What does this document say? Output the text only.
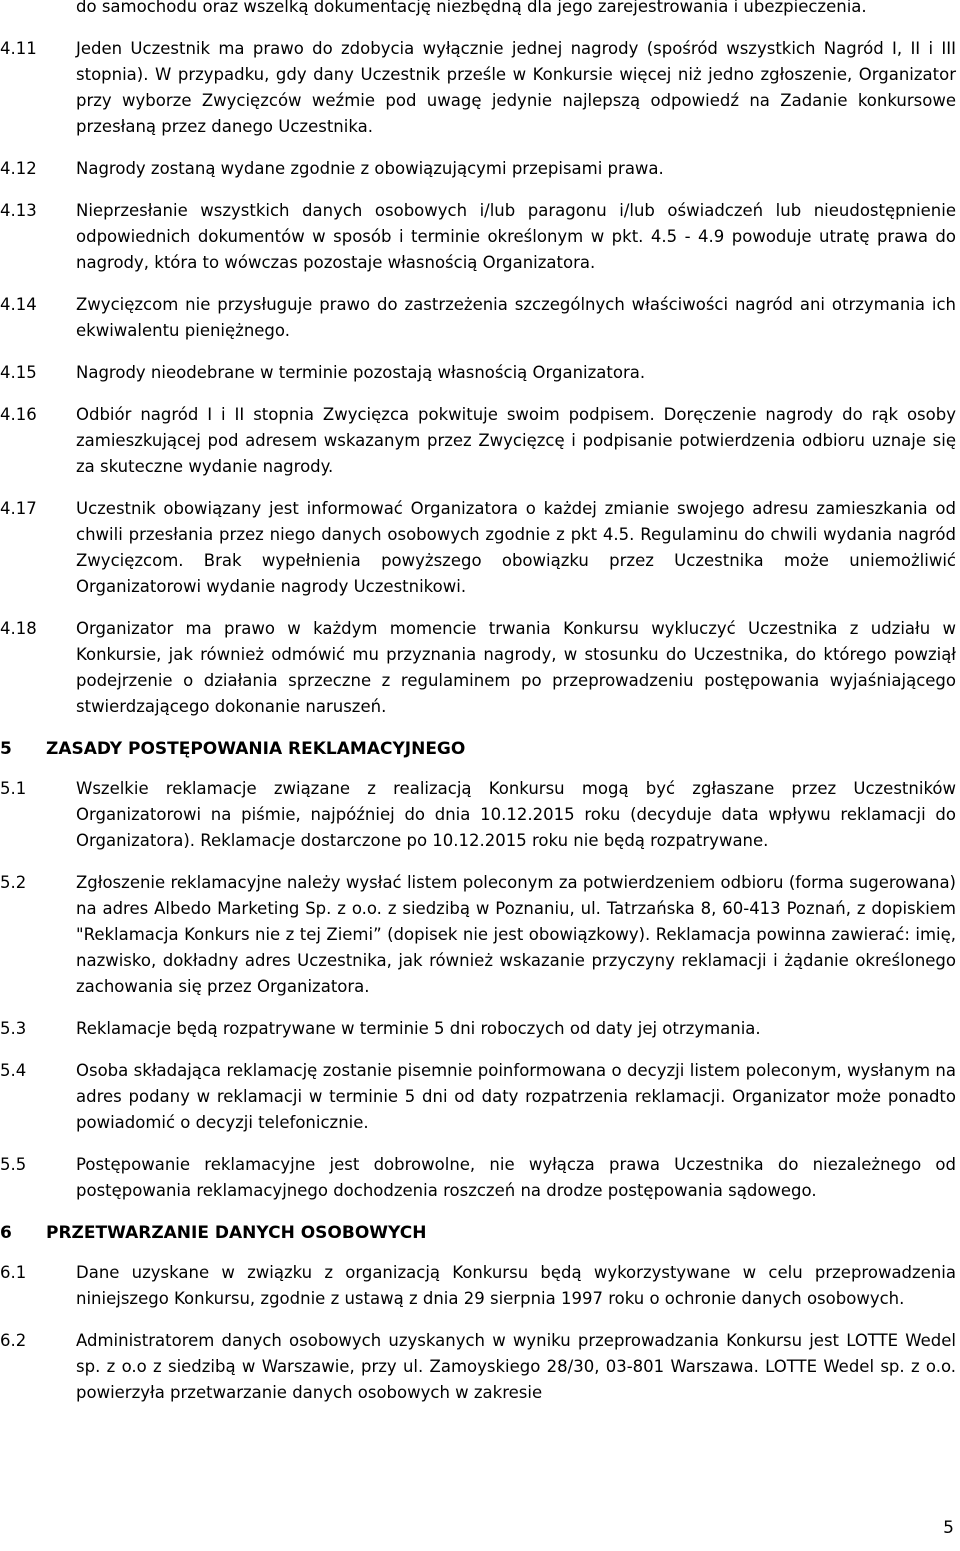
do samochodu oraz wszelką dokumentację niezbędną dla jego zarejestrowania i ubezpieczenia.
4.11	Jeden Uczestnik ma prawo do zdobycia wyłącznie jednej nagrody (spośród wszystkich Nagród I, II i III stopnia). W przypadku, gdy dany Uczestnik prześle w Konkursie więcej niż jedno zgłoszenie, Organizator przy wyborze Zwycięzców weźmie pod uwagę jedynie najlepszą odpowiedź na Zadanie konkursowe przesłaną przez danego Uczestnika.
4.12	Nagrody zostaną wydane zgodnie z obowiązującymi przepisami prawa.
4.13	Nieprzesłanie wszystkich danych osobowych i/lub paragonu i/lub oświadczeń lub nieudostępnienie odpowiednich dokumentów w sposób i terminie określonym w pkt. 4.5 - 4.9 powoduje utratę prawa do nagrody, która to wówczas pozostaje własnością Organizatora.
4.14	Zwycięzcom nie przysługuje prawo do zastrzeżenia szczególnych właściwości nagród ani otrzymania ich ekwiwalentu pieniężnego.
4.15	Nagrody nieodebrane w terminie pozostają własnością Organizatora.
4.16	Odbiór nagród I i II stopnia Zwycięzca pokwituje swoim podpisem. Doręczenie nagrody do rąk osoby zamieszkującej pod adresem wskazanym przez Zwycięzcę i podpisanie potwierdzenia odbioru uznaje się za skuteczne wydanie nagrody.
4.17	Uczestnik obowiązany jest informować Organizatora o każdej zmianie swojego adresu zamieszkania od chwili przesłania przez niego danych osobowych zgodnie z pkt 4.5. Regulaminu do chwili wydania nagród Zwycięzcom. Brak wypełnienia powyższego obowiązku przez Uczestnika może uniemożliwić Organizatorowi wydanie nagrody Uczestnikowi.
4.18	Organizator ma prawo w każdym momencie trwania Konkursu wykluczyć Uczestnika z udziału w Konkursie, jak również odmówić mu przyznania nagrody, w stosunku do Uczestnika, do którego powziął podejrzenie o działania sprzeczne z regulaminem po przeprowadzeniu postępowania wyjaśniającego stwierdzającego dokonanie naruszeń.
5	ZASADY POSTĘPOWANIA REKLAMACYJNEGO
5.1	Wszelkie reklamacje związane z realizacją Konkursu mogą być zgłaszane przez Uczestników Organizatorowi na piśmie, najpóźniej do dnia 10.12.2015 roku (decyduje data wpływu reklamacji do Organizatora). Reklamacje dostarczone po 10.12.2015 roku nie będą rozpatrywane.
5.2	Zgłoszenie reklamacyjne należy wysłać listem poleconym za potwierdzeniem odbioru (forma sugerowana) na adres Albedo Marketing Sp. z o.o. z siedzibą w Poznaniu, ul. Tatrzańska 8, 60-413 Poznań, z dopiskiem "Reklamacja Konkurs nie z tej Ziemi” (dopisek nie jest obowiązkowy). Reklamacja powinna zawierać: imię, nazwisko, dokładny adres Uczestnika, jak również wskazanie przyczyny reklamacji i żądanie określonego zachowania się przez Organizatora.
5.3	Reklamacje będą rozpatrywane w terminie 5 dni roboczych od daty jej otrzymania.
5.4	Osoba składająca reklamację zostanie pisemnie poinformowana o decyzji listem poleconym, wysłanym na adres podany w reklamacji w terminie 5 dni od daty rozpatrzenia reklamacji. Organizator może ponadto powiadomić o decyzji telefonicznie.
5.5	Postępowanie reklamacyjne jest dobrowolne, nie wyłącza prawa Uczestnika do niezależnego od postępowania reklamacyjnego dochodzenia roszczeń na drodze postępowania sądowego.
6	PRZETWARZANIE DANYCH OSOBOWYCH
6.1	Dane uzyskane w związku z organizacją Konkursu będą wykorzystywane w celu przeprowadzenia niniejszego Konkursu, zgodnie z ustawą z dnia 29 sierpnia 1997 roku o ochronie danych osobowych.
6.2	Administratorem danych osobowych uzyskanych w wyniku przeprowadzania Konkursu jest LOTTE Wedel sp. z o.o z siedzibą w Warszawie, przy ul. Zamoyskiego 28/30, 03-801 Warszawa. LOTTE Wedel sp. z o.o. powierzyła przetwarzanie danych osobowych w zakresie
5
